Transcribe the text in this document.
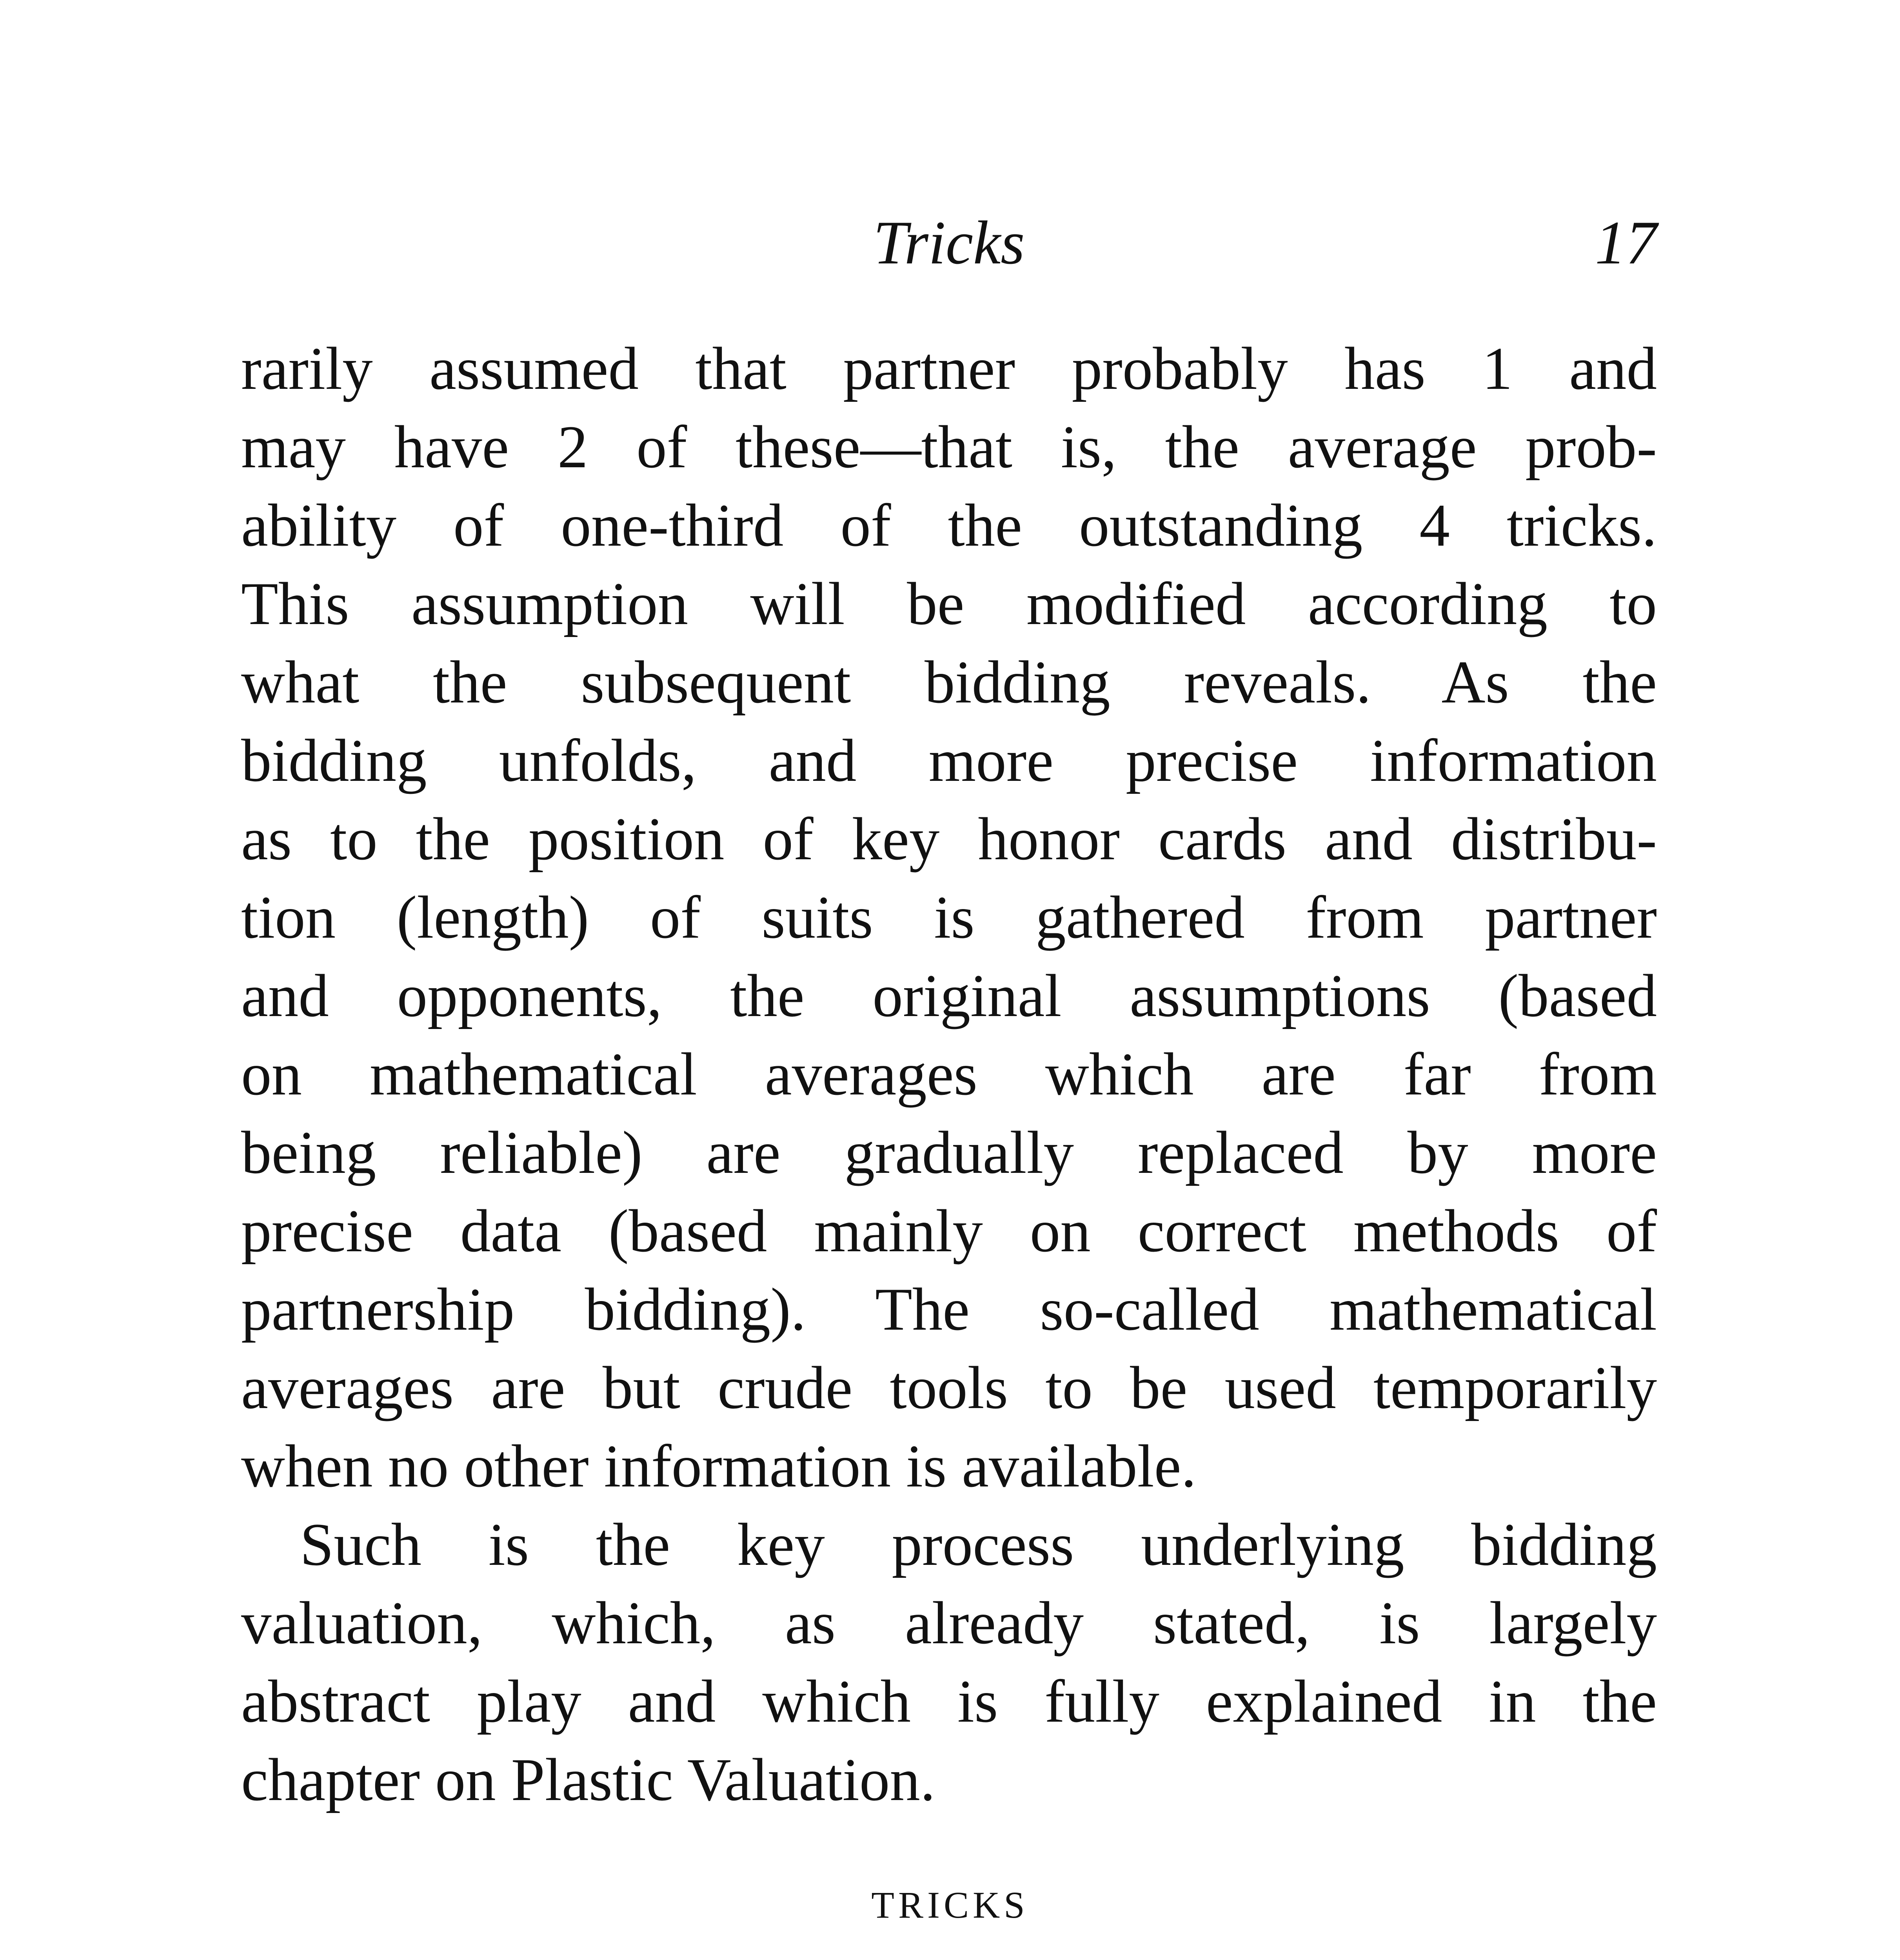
Tricks	17
rarily assumed that partner probably has 1 and
may have 2 of these—that is, the average prob-
ability of one-third of the outstanding 4 tricks.
This assumption will be modified according to
what the subsequent bidding reveals. As the
bidding unfolds, and more precise information
as to the position of key honor cards and distribu-
tion (length) of suits is gathered from partner
and opponents, the original assumptions (based
on mathematical averages which are far from
being reliable) are gradually replaced by more
precise data (based mainly on correct methods of
partnership bidding). The so-called mathematical
averages are but crude tools to be used temporarily
when no other information is available.
Such is the key process underlying bidding
valuation, which, as already stated, is largely
abstract play and which is fully explained in the
chapter on Plastic Valuation.
TRICKS
